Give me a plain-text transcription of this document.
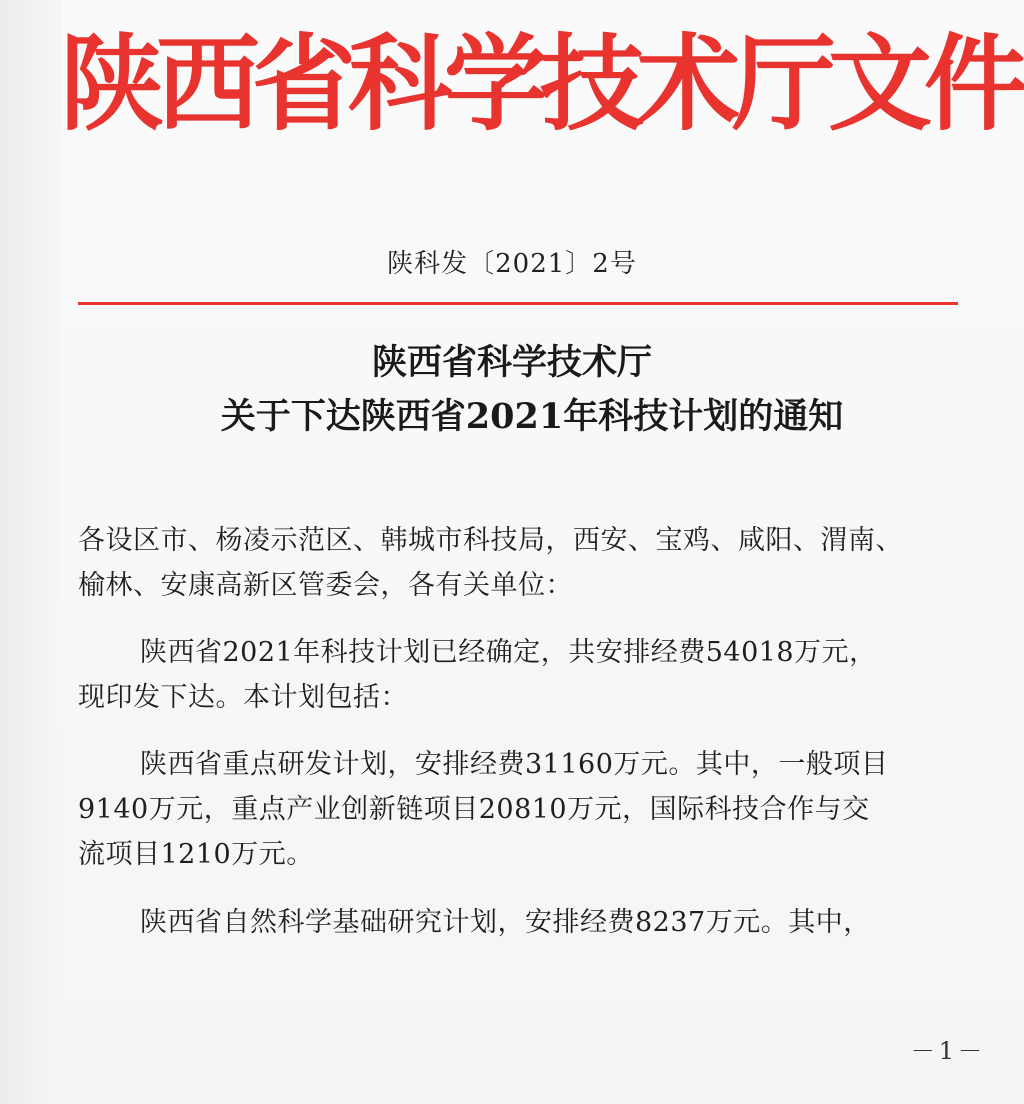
陕西省科学技术厅文件

陕科发〔2021〕2号

陕西省科学技术厅
关于下达陕西省2021年科技计划的通知

各设区市、杨凌示范区、韩城市科技局，西安、宝鸡、咸阳、渭南、
榆林、安康高新区管委会，各有关单位：

陕西省2021年科技计划已经确定，共安排经费54018万元，
现印发下达。本计划包括：

陕西省重点研发计划，安排经费31160万元。其中，一般项目
9140万元，重点产业创新链项目20810万元，国际科技合作与交
流项目1210万元。

陕西省自然科学基础研究计划，安排经费8237万元。其中，

－1－
